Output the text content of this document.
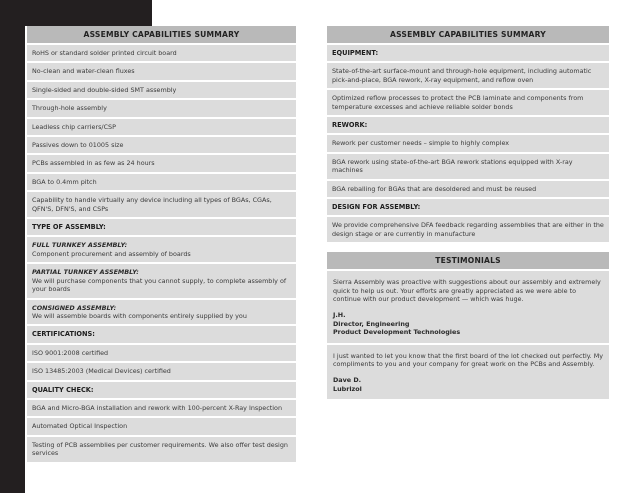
ASSEMBLY CAPABILITIES SUMMARY
RoHS or standard solder printed circuit board
No-clean and water-clean fluxes
Single-sided and double-sided SMT assembly
Through-hole assembly
Leadless chip carriers/CSP
Passives down to 01005 size
PCBs assembled in as few as 24 hours
BGA to 0.4mm pitch
Capability to handle virtually any device including all types of BGAs, CGAs, QFN'S, DFN'S, and CSPs
TYPE OF ASSEMBLY:
FULL TURNKEY ASSEMBLY:
Component procurement and assembly of boards
PARTIAL TURNKEY ASSEMBLY:
We will purchase components that you cannot supply, to complete assembly of your boards
CONSIGNED ASSEMBLY:
We will assemble boards with components entirely supplied by you
CERTIFICATIONS:
ISO 9001:2008 certified
ISO 13485:2003 (Medical Devices) certified
QUALITY CHECK:
BGA and Micro-BGA installation and rework with 100-percent X-Ray Inspection
Automated Optical Inspection
Testing of PCB assemblies per customer requirements. We also offer test design services
ASSEMBLY CAPABILITIES SUMMARY
EQUIPMENT:
State-of-the-art surface-mount and through-hole equipment, including automatic pick-and-place, BGA rework, X-ray equipment, and reflow oven
Optimized reflow processes to protect the PCB laminate and components from temperature excesses and achieve reliable solder bonds
REWORK:
Rework per customer needs – simple to highly complex
BGA rework using state-of-the-art BGA rework stations equipped with X-ray machines
BGA reballing for BGAs that are desoldered and must be reused
DESIGN FOR ASSEMBLY:
We provide comprehensive DFA feedback regarding assemblies that are either in the design stage or are currently in manufacture
TESTIMONIALS
Sierra Assembly was proactive with suggestions about our assembly and extremely quick to help us out. Your efforts are greatly appreciated as we were able to continue with our product development — which was huge.
J.H.
Director, Engineering
Product Development Technologies
I just wanted to let you know that the first board of the lot checked out perfectly. My compliments to you and your company for great work on the PCBs and Assembly.
Dave D.
Lubrizol
